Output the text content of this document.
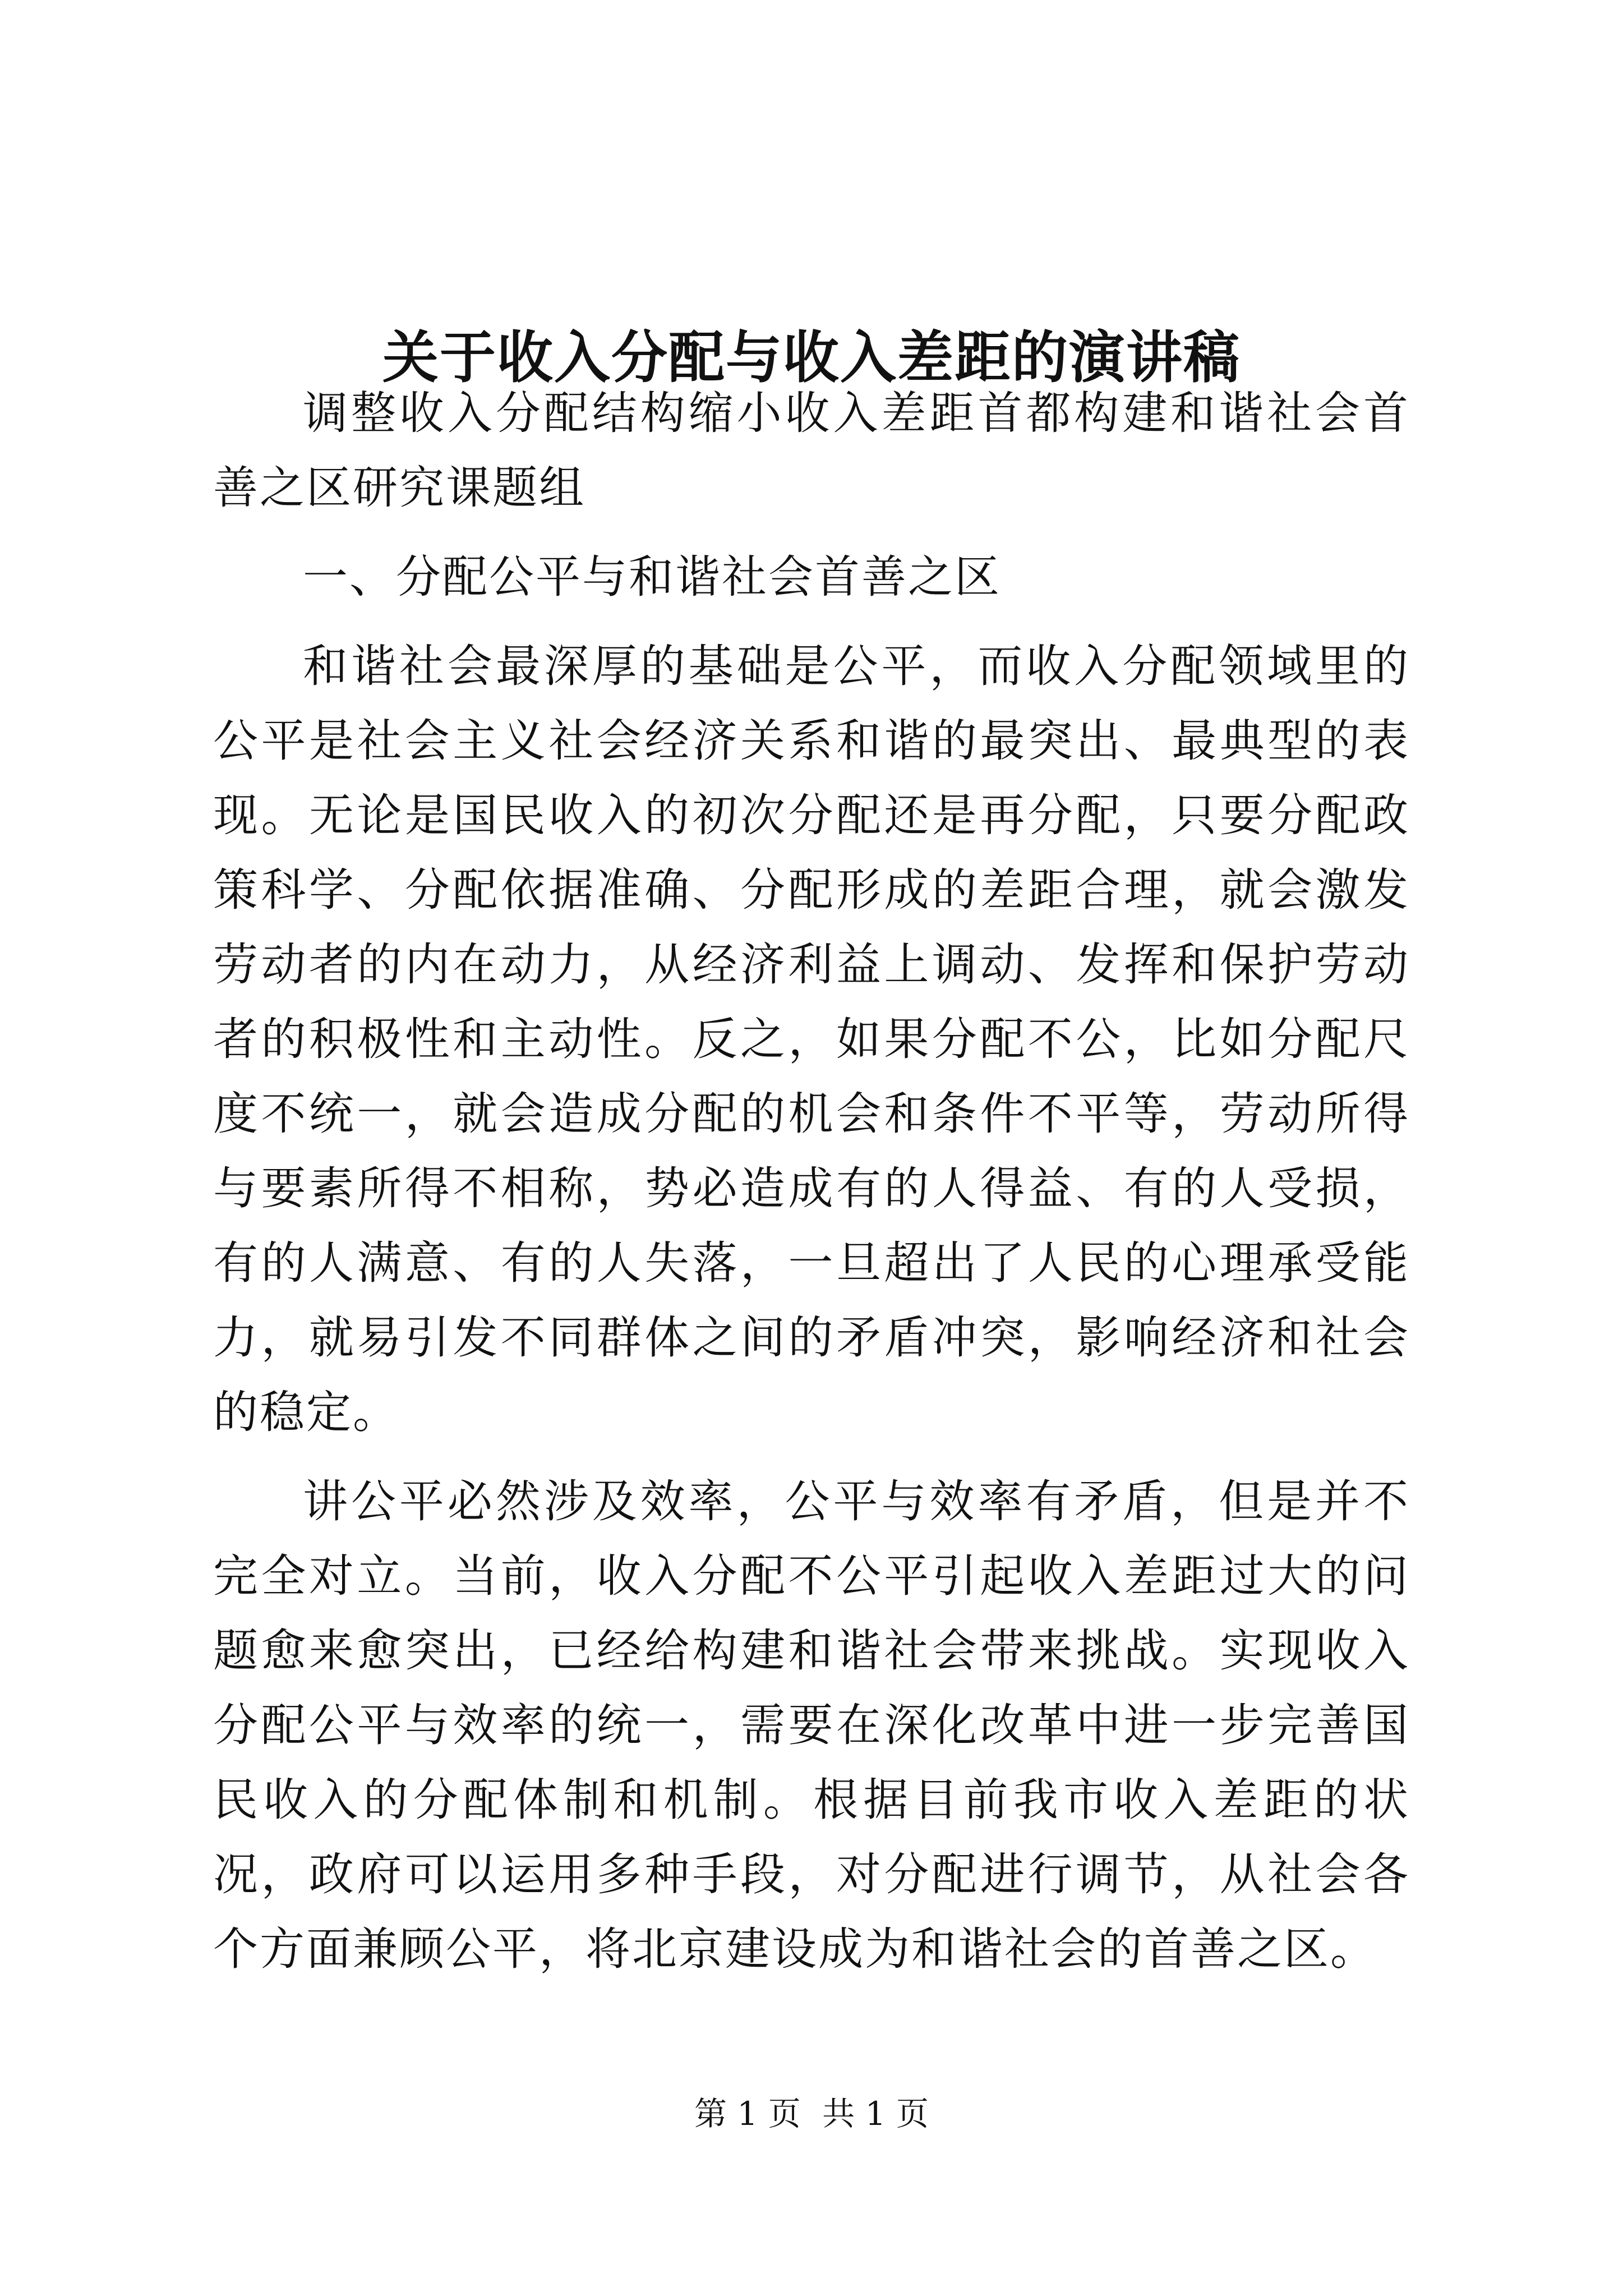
关于收入分配与收入差距的演讲稿

调整收入分配结构缩小收入差距首都构建和谐社会首善之区研究课题组

一、分配公平与和谐社会首善之区

和谐社会最深厚的基础是公平，而收入分配领域里的公平是社会主义社会经济关系和谐的最突出、最典型的表现。无论是国民收入的初次分配还是再分配，只要分配政策科学、分配依据准确、分配形成的差距合理，就会激发劳动者的内在动力，从经济利益上调动、发挥和保护劳动者的积极性和主动性。反之，如果分配不公，比如分配尺度不统一，就会造成分配的机会和条件不平等，劳动所得与要素所得不相称，势必造成有的人得益、有的人受损，有的人满意、有的人失落，一旦超出了人民的心理承受能力，就易引发不同群体之间的矛盾冲突，影响经济和社会的稳定。

讲公平必然涉及效率，公平与效率有矛盾，但是并不完全对立。当前，收入分配不公平引起收入差距过大的问题愈来愈突出，已经给构建和谐社会带来挑战。实现收入分配公平与效率的统一，需要在深化改革中进一步完善国民收入的分配体制和机制。根据目前我市收入差距的状况，政府可以运用多种手段，对分配进行调节，从社会各个方面兼顾公平，将北京建设成为和谐社会的首善之区。

第 1 页 共 1 页
